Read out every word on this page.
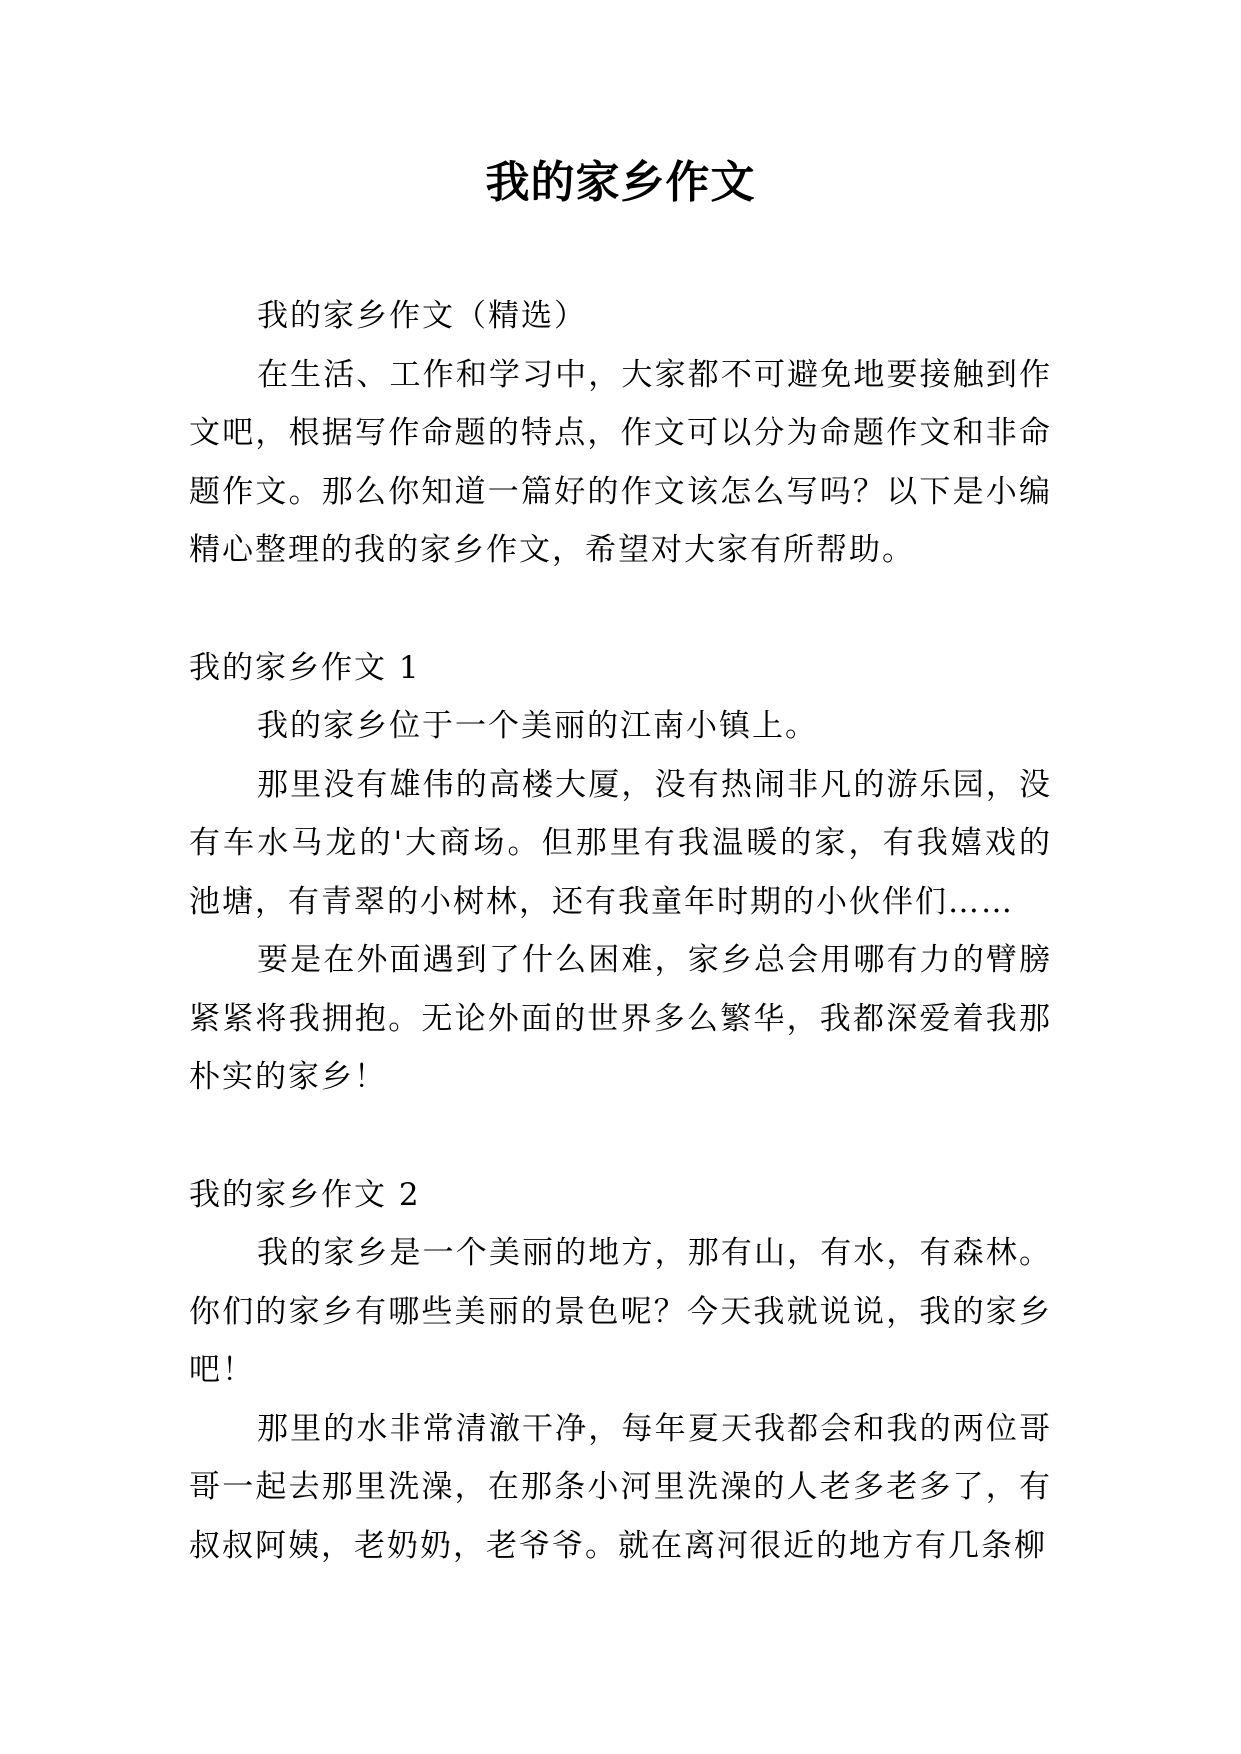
我的家乡作文

我的家乡作文（精选）

在生活、工作和学习中，大家都不可避免地要接触到作文吧，根据写作命题的特点，作文可以分为命题作文和非命题作文。那么你知道一篇好的作文该怎么写吗？以下是小编精心整理的我的家乡作文，希望对大家有所帮助。

我的家乡作文 1

我的家乡位于一个美丽的江南小镇上。

那里没有雄伟的高楼大厦，没有热闹非凡的游乐园，没有车水马龙的'大商场。但那里有我温暖的家，有我嬉戏的池塘，有青翠的小树林，还有我童年时期的小伙伴们……

要是在外面遇到了什么困难，家乡总会用哪有力的臂膀紧紧将我拥抱。无论外面的世界多么繁华，我都深爱着我那朴实的家乡！

我的家乡作文 2

我的家乡是一个美丽的地方，那有山，有水，有森林。你们的家乡有哪些美丽的景色呢？今天我就说说，我的家乡吧！

那里的水非常清澈干净，每年夏天我都会和我的两位哥哥一起去那里洗澡，在那条小河里洗澡的人老多老多了，有叔叔阿姨，老奶奶，老爷爷。就在离河很近的地方有几条柳
